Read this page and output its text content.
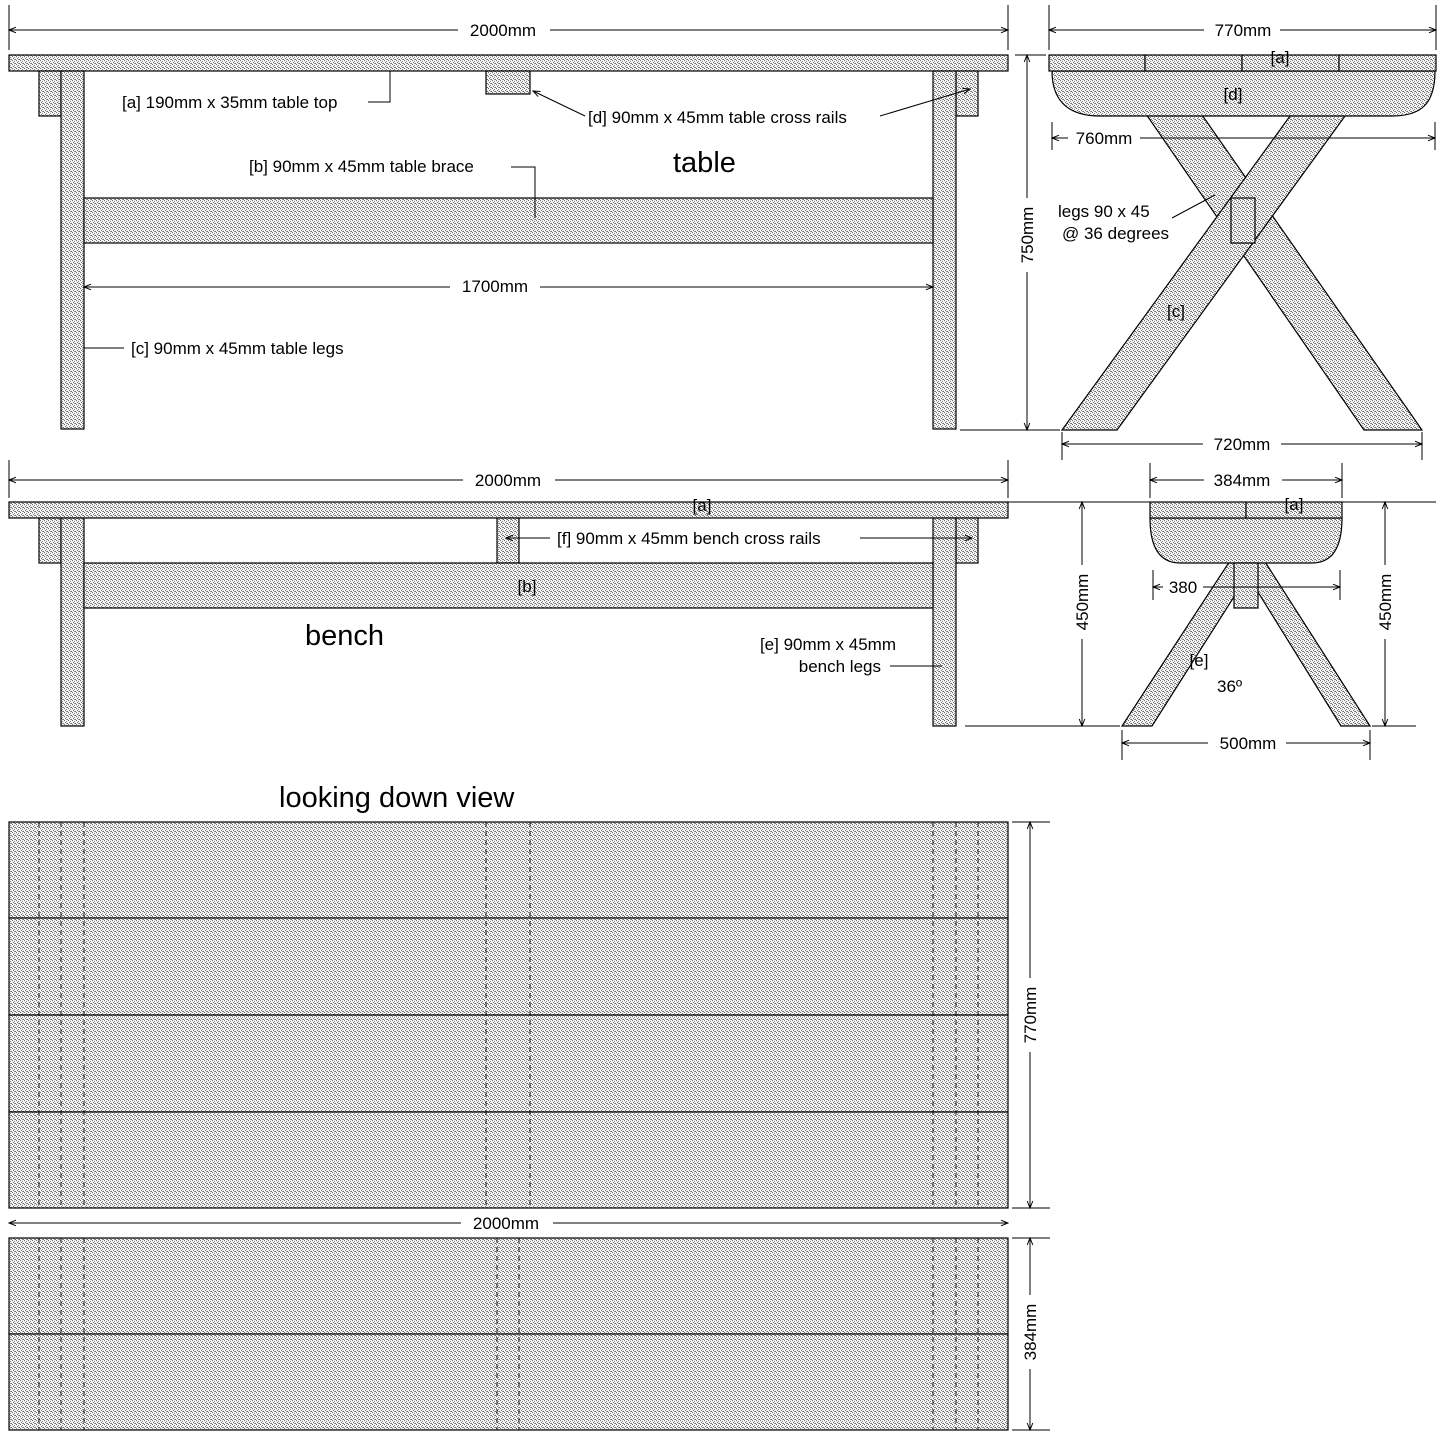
2000mm
[a] 190mm x 35mm table top
[d] 90mm x 45mm table cross rails
table
[b] 90mm x 45mm table brace
1700mm
[c] 90mm x 45mm table legs
750mm
770mm
[a]
[d]
760mm
legs 90 x 45
@ 36 degrees
[c]
720mm
2000mm
[a]
[f] 90mm x 45mm bench cross rails
[b]
bench	[e] 90mm x 45mm
bench legs
384mm
[a]
380
450mm	450mm
[e]
36º
500mm
looking down view
770mm
2000mm
384mm
